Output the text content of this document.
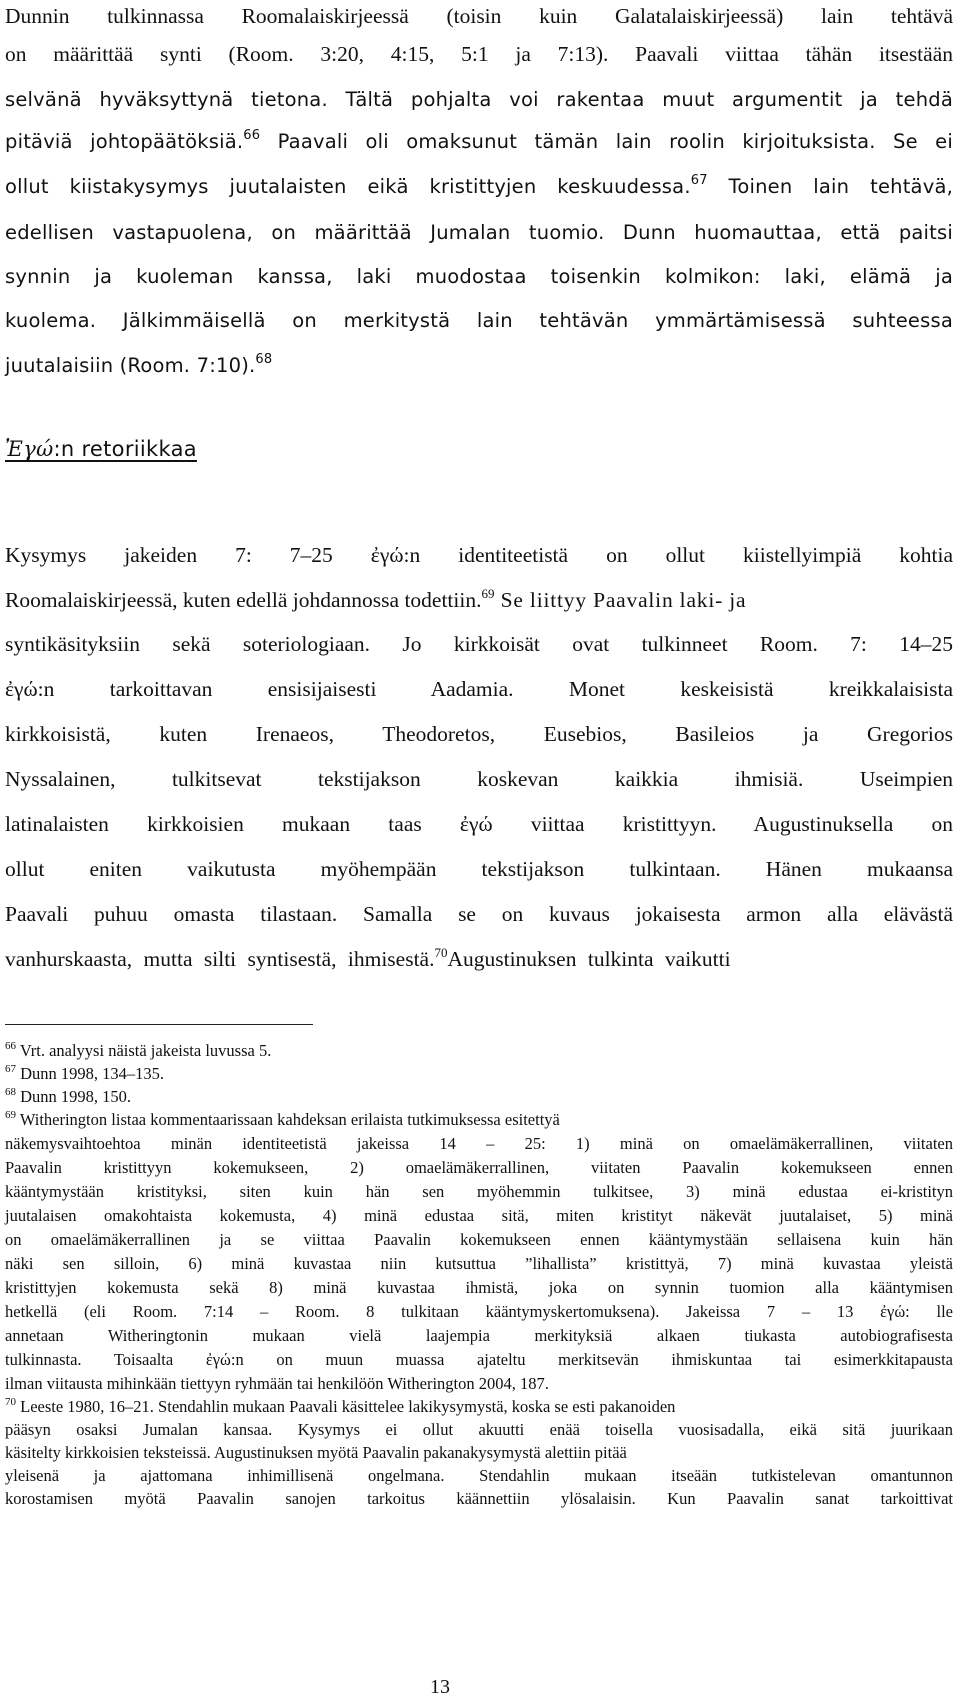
Dunnin tulkinnassa Roomalaiskirjeessä (toisin kuin Galatalaiskirjeessä) lain tehtävä
on määrittää synti (Room. 3:20, 4:15, 5:1 ja 7:13). Paavali viittaa tähän itsestään
selvänä hyväksyttynä tietona. Tältä pohjalta voi rakentaa muut argumentit ja tehdä
pitäviä johtopäätöksiä.$^{66}$ Paavali oli omaksunut tämän lain roolin kirjoituksista. Se ei
ollut kiistakysymys juutalaisten eikä kristittyjen keskuudessa.$^{67}$ Toinen lain tehtävä,
edellisen vastapuolena, on määrittää Jumalan tuomio. Dunn huomauttaa, että paitsi
synnin ja kuoleman kanssa, laki muodostaa toisenkin kolmikon: laki, elämä ja
kuolema. Jälkimmäisellä on merkitystä lain tehtävän ymmärtämisessä suhteessa
juutalaisiin (Room. 7:10).$^{68}$
Ἐγώ:n retoriikkaa
Kysymys jakeiden 7: 7–25 ἐγώ:n identiteetistä on ollut kiistellyimpiä kohtia
Roomalaiskirjeessä, kuten edellä johdannossa todettiin.$^{69}$ Se liittyy Paavalin laki- ja
syntikäsityksiin sekä soteriologiaan. Jo kirkkoisät ovat tulkinneet Room. 7: 14–25
ἐγώ:n tarkoittavan ensisijaisesti Aadamia. Monet keskeisistä kreikkalaisista
kirkkoisistä, kuten Irenaeos, Theodoretos, Eusebios, Basileios ja Gregorios
Nyssalainen, tulkitsevat tekstijakson koskevan kaikkia ihmisiä. Useimpien
latinalaisten kirkkoisien mukaan taas ἐγώ viittaa kristittyyn. Augustinuksella on
ollut eniten vaikutusta myöhempään tekstijakson tulkintaan. Hänen mukaansa
Paavali puhuu omasta tilastaan. Samalla se on kuvaus jokaisesta armon alla elävästä
vanhurskaasta, mutta silti syntisestä, ihmisestä.$^{70}$Augustinuksen tulkinta vaikutti
$^{66}$ Vrt. analyysi näistä jakeista luvussa 5.
$^{67}$ Dunn 1998, 134–135.
$^{68}$ Dunn 1998, 150.
$^{69}$ Witherington listaa kommentaarissaan kahdeksan erilaista tutkimuksessa esitettyä
näkemysvaihtoehtoa minän identiteetistä jakeissa 14 – 25: 1) minä on omaelämäkerrallinen, viitaten
Paavalin kristittyyn kokemukseen, 2) omaelämäkerrallinen, viitaten Paavalin kokemukseen ennen
kääntymystään kristityksi, siten kuin hän sen myöhemmin tulkitsee, 3) minä edustaa ei-kristityn
juutalaisen omakohtaista kokemusta, 4) minä edustaa sitä, miten kristityt näkevät juutalaiset, 5) minä
on omaelämäkerrallinen ja se viittaa Paavalin kokemukseen ennen kääntymystään sellaisena kuin hän
näki sen silloin, 6) minä kuvastaa niin kutsuttua ”lihallista” kristittyä, 7) minä kuvastaa yleistä
kristittyjen kokemusta sekä 8) minä kuvastaa ihmistä, joka on synnin tuomion alla kääntymisen
hetkellä (eli Room. 7:14 – Room. 8 tulkitaan kääntymyskertomuksena). Jakeissa 7 – 13 ἐγώ: lle
annetaan Witheringtonin mukaan vielä laajempia merkityksiä alkaen tiukasta autobiografisesta
tulkinnasta. Toisaalta ἐγώ:n on muun muassa ajateltu merkitsevän ihmiskuntaa tai esimerkkitapausta
ilman viitausta mihinkään tiettyyn ryhmään tai henkilöön Witherington 2004, 187.
$^{70}$ Leeste 1980, 16–21. Stendahlin mukaan Paavali käsittelee lakikysymystä, koska se esti pakanoiden
pääsyn osaksi Jumalan kansaa. Kysymys ei ollut akuutti enää toisella vuosisadalla, eikä sitä juurikaan
käsitelty kirkkoisien teksteissä. Augustinuksen myötä Paavalin pakanakysymystä alettiin pitää
yleisenä ja ajattomana inhimillisenä ongelmana. Stendahlin mukaan itseään tutkistelevan omantunnon
korostamisen myötä Paavalin sanojen tarkoitus käännettiin ylösalaisin. Kun Paavalin sanat tarkoittivat
13
